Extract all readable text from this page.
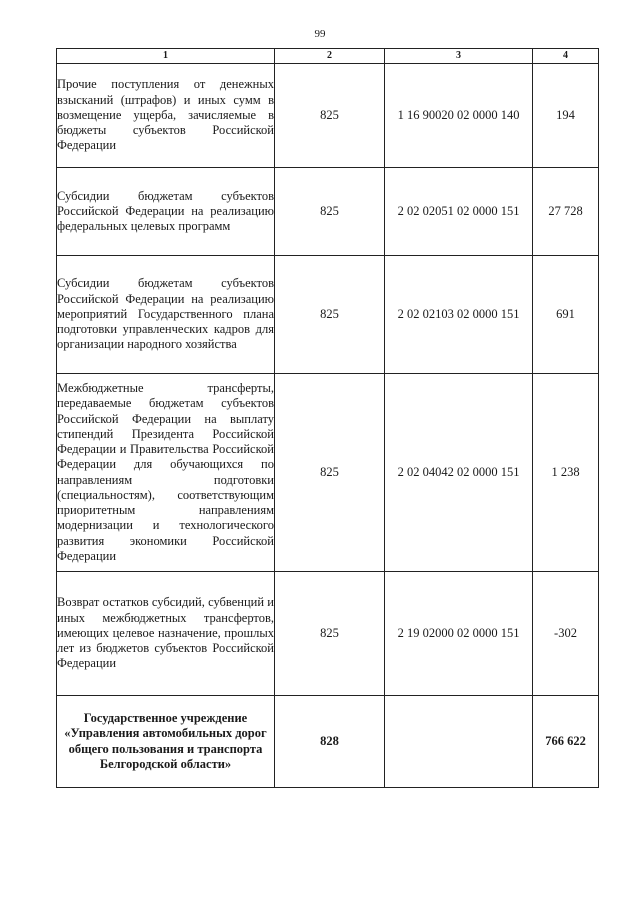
99
1	2	3	4
Прочие поступления от денежных взысканий (штрафов) и иных сумм в возмещение ущерба, зачисляемые в бюджеты субъектов Российской Федерации	825	1 16 90020 02 0000 140	194
Субсидии бюджетам субъектов Российской Федерации на реализацию федеральных целевых программ	825	2 02 02051 02 0000 151	27 728
Субсидии бюджетам субъектов Российской Федерации на реализацию мероприятий Государственного плана подготовки управленческих кадров для организации народного хозяйства	825	2 02 02103 02 0000 151	691
Межбюджетные трансферты, передаваемые бюджетам субъектов Российской Федерации на выплату стипендий Президента Российской Федерации и Правительства Российской Федерации для обучающихся по направлениям подготовки (специальностям), соответствующим приоритетным направлениям модернизации и технологического развития экономики Российской Федерации	825	2 02 04042 02 0000 151	1 238
Возврат остатков субсидий, субвенций и иных межбюджетных трансфертов, имеющих целевое назначение, прошлых лет из бюджетов субъектов Российской Федерации	825	2 19 02000 02 0000 151	-302
Государственное учреждение «Управления автомобильных дорог общего пользования и транспорта Белгородской области»	828		766 622
